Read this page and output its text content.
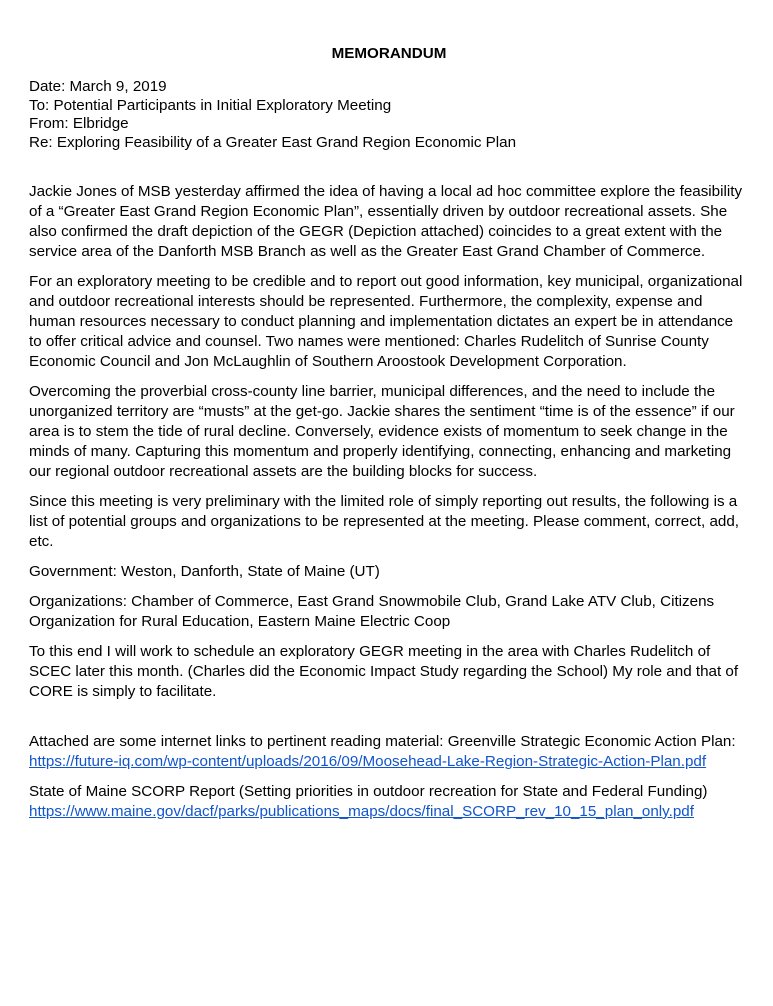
MEMORANDUM
Date: March 9, 2019
To: Potential Participants in Initial Exploratory Meeting
From: Elbridge
Re: Exploring Feasibility of a Greater East Grand Region Economic Plan

Jackie Jones of MSB yesterday affirmed the idea of having a local ad hoc committee explore the feasibility of a “Greater East Grand Region Economic Plan”, essentially driven by outdoor recreational assets. She also confirmed the draft depiction of the GEGR (Depiction attached) coincides to a great extent with the service area of the Danforth MSB Branch as well as the Greater East Grand Chamber of Commerce.

For an exploratory meeting to be credible and to report out good information, key municipal, organizational and outdoor recreational interests should be represented. Furthermore, the complexity, expense and human resources necessary to conduct planning and implementation dictates an expert be in attendance to offer critical advice and counsel. Two names were mentioned: Charles Rudelitch of Sunrise County Economic Council and Jon McLaughlin of Southern Aroostook Development Corporation.

Overcoming the proverbial cross-county line barrier, municipal differences, and the need to include the unorganized territory are “musts” at the get-go. Jackie shares the sentiment “time is of the essence” if our area is to stem the tide of rural decline. Conversely, evidence exists of momentum to seek change in the minds of many. Capturing this momentum and properly identifying, connecting, enhancing and marketing our regional outdoor recreational assets are the building blocks for success.

Since this meeting is very preliminary with the limited role of simply reporting out results, the following is a list of potential groups and organizations to be represented at the meeting. Please comment, correct, add, etc.

Government: Weston, Danforth, State of Maine (UT)

Organizations: Chamber of Commerce, East Grand Snowmobile Club, Grand Lake ATV Club, Citizens Organization for Rural Education, Eastern Maine Electric Coop

To this end I will work to schedule an exploratory GEGR meeting in the area with Charles Rudelitch of SCEC later this month. (Charles did the Economic Impact Study regarding the School) My role and that of CORE is simply to facilitate.

Attached are some internet links to pertinent reading material: Greenville Strategic Economic Action Plan: https://future-iq.com/wp-content/uploads/2016/09/Moosehead-Lake-Region-Strategic-Action-Plan.pdf

State of Maine SCORP Report (Setting priorities in outdoor recreation for State and Federal Funding)
https://www.maine.gov/dacf/parks/publications_maps/docs/final_SCORP_rev_10_15_plan_only.pdf
